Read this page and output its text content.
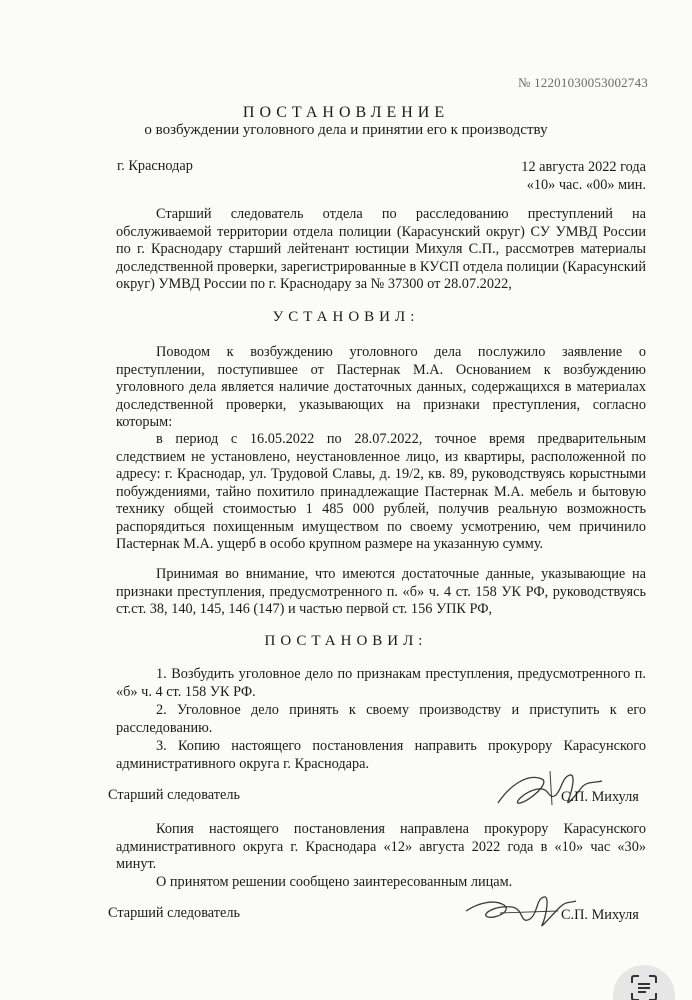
№ 12201030053002743
ПОСТАНОВЛЕНИЕ
о возбуждении уголовного дела и принятии его к производству
г. Краснодар	12 августа 2022 года
«10» час. «00» мин.
Старший следователь отдела по расследованию преступлений на обслуживаемой территории отдела полиции (Карасунский округ) СУ УМВД России по г. Краснодару старший лейтенант юстиции Михуля С.П., рассмотрев материалы доследственной проверки, зарегистрированные в КУСП отдела полиции (Карасунский округ) УМВД России по г. Краснодару за № 37300 от 28.07.2022,
УСТАНОВИЛ:
Поводом к возбуждению уголовного дела послужило заявление о преступлении, поступившее от Пастернак М.А. Основанием к возбуждению уголовного дела является наличие достаточных данных, содержащихся в материалах доследственной проверки, указывающих на признаки преступления, согласно которым:
в период с 16.05.2022 по 28.07.2022, точное время предварительным следствием не установлено, неустановленное лицо, из квартиры, расположенной по адресу: г. Краснодар, ул. Трудовой Славы, д. 19/2, кв. 89, руководствуясь корыстными побуждениями, тайно похитило принадлежащие Пастернак М.А. мебель и бытовую технику общей стоимостью 1 485 000 рублей, получив реальную возможность распорядиться похищенным имуществом по своему усмотрению, чем причинило Пастернак М.А. ущерб в особо крупном размере на указанную сумму.
Принимая во внимание, что имеются достаточные данные, указывающие на признаки преступления, предусмотренного п. «б» ч. 4 ст. 158 УК РФ, руководствуясь ст.ст. 38, 140, 145, 146 (147) и частью первой ст. 156 УПК РФ,
ПОСТАНОВИЛ:
1. Возбудить уголовное дело по признакам преступления, предусмотренного п. «б» ч. 4 ст. 158 УК РФ.
2. Уголовное дело принять к своему производству и приступить к его расследованию.
3. Копию настоящего постановления направить прокурору Карасунского административного округа г. Краснодара.
Старший следователь	С.П. Михуля
Копия настоящего постановления направлена прокурору Карасунского административного округа г. Краснодара «12» августа 2022 года в «10» час «30» минут.
О принятом решении сообщено заинтересованным лицам.
Старший следователь	С.П. Михуля
